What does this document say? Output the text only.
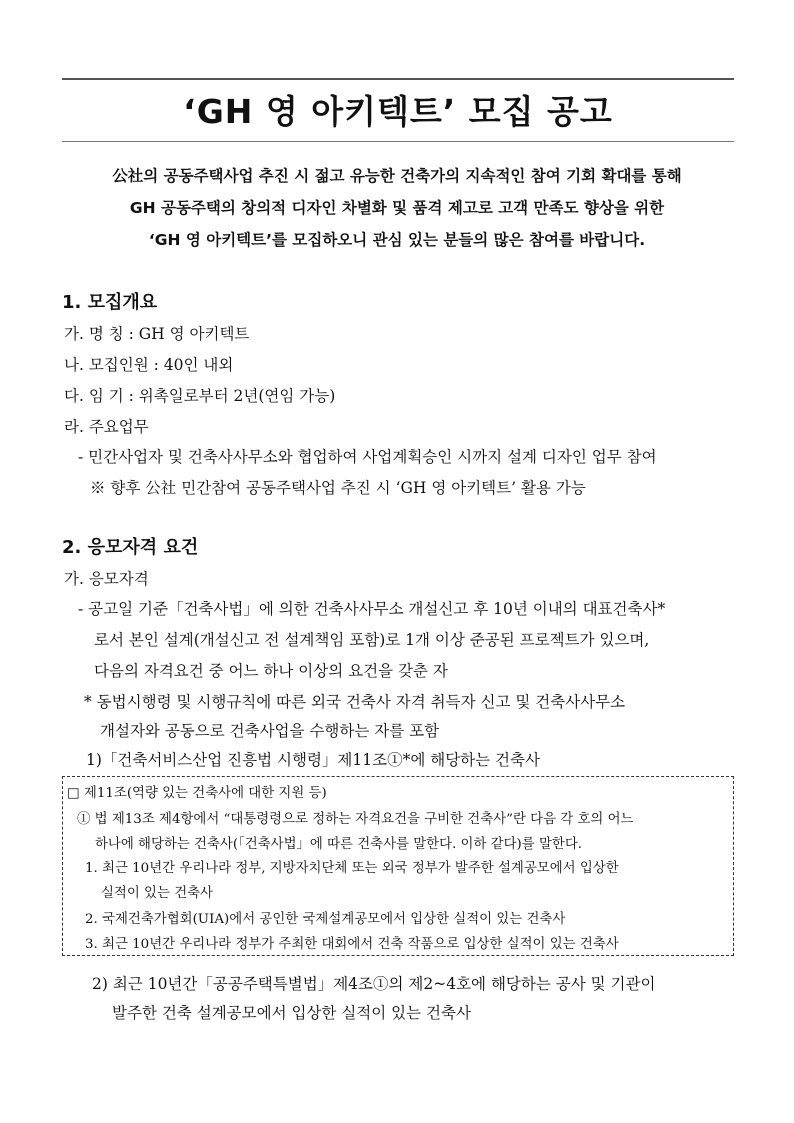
‘GH 영 아키텍트’ 모집 공고
公社의 공동주택사업 추진 시 젊고 유능한 건축가의 지속적인 참여 기회 확대를 통해
GH 공동주택의 창의적 디자인 차별화 및 품격 제고로 고객 만족도 향상을 위한
‘GH 영 아키텍트’를 모집하오니 관심 있는 분들의 많은 참여를 바랍니다.
1. 모집개요
가. 명 칭 : GH 영 아키텍트
나. 모집인원 : 40인 내외
다. 임 기 : 위촉일로부터 2년(연임 가능)
라. 주요업무
- 민간사업자 및 건축사사무소와 협업하여 사업계획승인 시까지 설계 디자인 업무 참여
※ 향후 公社 민간참여 공동주택사업 추진 시 ‘GH 영 아키텍트’ 활용 가능
2. 응모자격 요건
가. 응모자격
- 공고일 기준「건축사법」에 의한 건축사사무소 개설신고 후 10년 이내의 대표건축사*
로서 본인 설계(개설신고 전 설계책임 포함)로 1개 이상 준공된 프로젝트가 있으며,
다음의 자격요건 중 어느 하나 이상의 요건을 갖춘 자
* 동법시행령 및 시행규칙에 따른 외국 건축사 자격 취득자 신고 및 건축사사무소
개설자와 공동으로 건축사업을 수행하는 자를 포함
1)「건축서비스산업 진흥법 시행령」제11조①*에 해당하는 건축사
□ 제11조(역량 있는 건축사에 대한 지원 등)
① 법 제13조 제4항에서 “대통령령으로 정하는 자격요건을 구비한 건축사”란 다음 각 호의 어느
하나에 해당하는 건축사(「건축사법」에 따른 건축사를 말한다. 이하 같다)를 말한다.
1. 최근 10년간 우리나라 정부, 지방자치단체 또는 외국 정부가 발주한 설계공모에서 입상한
실적이 있는 건축사
2. 국제건축가협회(UIA)에서 공인한 국제설계공모에서 입상한 실적이 있는 건축사
3. 최근 10년간 우리나라 정부가 주최한 대회에서 건축 작품으로 입상한 실적이 있는 건축사
2) 최근 10년간「공공주택특별법」제4조①의 제2~4호에 해당하는 공사 및 기관이
발주한 건축 설계공모에서 입상한 실적이 있는 건축사
